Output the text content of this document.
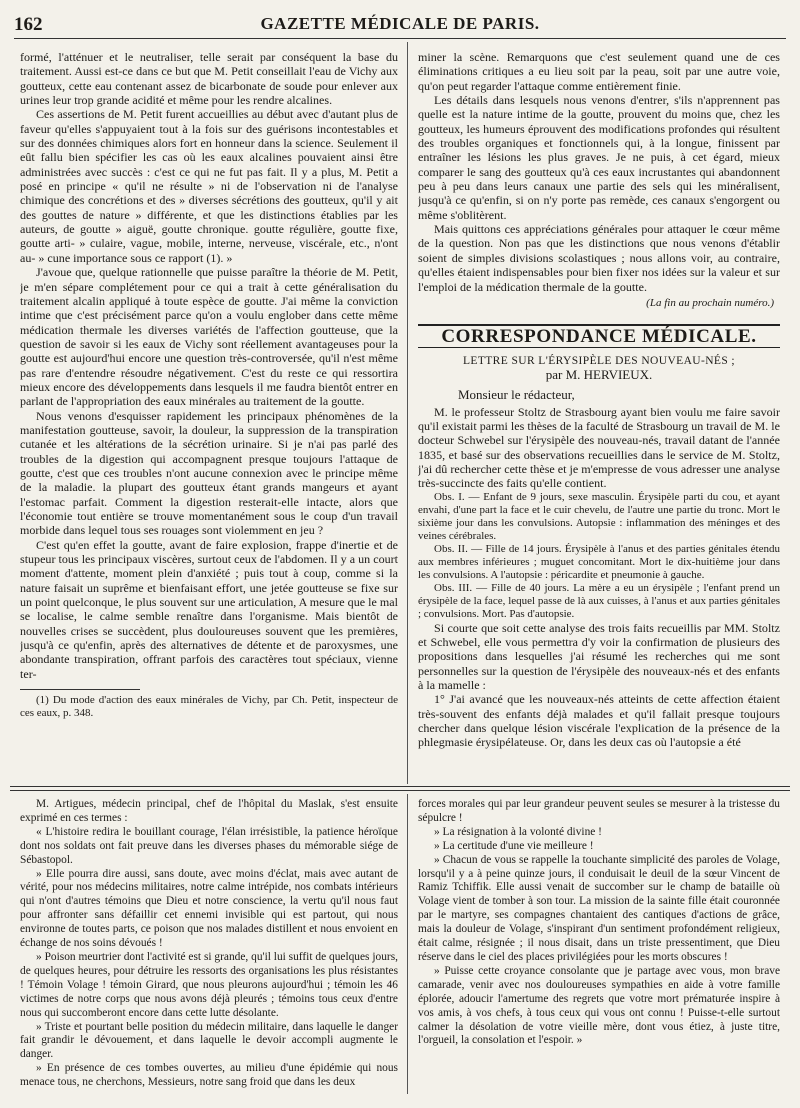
162	GAZETTE MÉDICALE DE PARIS.

formé, l'atténuer et le neutraliser, telle serait par conséquent la base du traitement. Aussi est-ce dans ce but que M. Petit conseillait l'eau de Vichy aux goutteux, cette eau contenant assez de bicarbonate de soude pour enlever aux urines leur trop grande acidité et même pour les rendre alcalines.

Ces assertions de M. Petit furent accueillies au début avec d'autant plus de faveur qu'elles s'appuyaient tout à la fois sur des guérisons incontestables et sur des données chimiques alors fort en honneur dans la science. Seulement il eût fallu bien spécifier les cas où les eaux alcalines pouvaient ainsi être administrées avec succès : c'est ce qui ne fut pas fait. Il y a plus, M. Petit a posé en principe « qu'il ne résulte » ni de l'observation ni de l'analyse chimique des concrétions et des » diverses sécrétions des goutteux, qu'il y ait des gouttes de nature » différente, et que les distinctions établies par les auteurs, de goutte » aiguë, goutte chronique. goutte régulière, goutte fixe, goutte arti- » culaire, vague, mobile, interne, nerveuse, viscérale, etc., n'ont au- » cune importance sous ce rapport (1). »

J'avoue que, quelque rationnelle que puisse paraître la théorie de M. Petit, je m'en sépare complétement pour ce qui a trait à cette généralisation du traitement alcalin appliqué à toute espèce de goutte. J'ai même la conviction intime que c'est précisément parce qu'on a voulu englober dans cette même médication thermale les diverses variétés de l'affection goutteuse, que la question de savoir si les eaux de Vichy sont réellement avantageuses pour la goutte est aujourd'hui encore une question très-controversée, qu'il n'est même pas rare d'entendre résoudre négativement. C'est du reste ce qui ressortira mieux encore des développements dans lesquels il me faudra bientôt entrer en parlant de l'appropriation des eaux minérales au traitement de la goutte.

Nous venons d'esquisser rapidement les principaux phénomènes de la manifestation goutteuse, savoir, la douleur, la suppression de la transpiration cutanée et les altérations de la sécrétion urinaire. Si je n'ai pas parlé des troubles de la digestion qui accompagnent presque toujours l'attaque de goutte, c'est que ces troubles n'ont aucune connexion avec le principe même de la maladie. la plupart des goutteux étant grands mangeurs et ayant l'estomac parfait. Comment la digestion resterait-elle intacte, alors que l'économie tout entière se trouve momentanément sous le coup d'un travail morbide dans lequel tous ses rouages sont violemment en jeu ?

C'est qu'en effet la goutte, avant de faire explosion, frappe d'inertie et de stupeur tous les principaux viscères, surtout ceux de l'abdomen. Il y a un court moment d'attente, moment plein d'anxiété ; puis tout à coup, comme si la nature faisait un suprême et bienfaisant effort, une jetée goutteuse se fixe sur un point quelconque, le plus souvent sur une articulation, A mesure que le mal se localise, le calme semble renaître dans l'organisme. Mais bientôt de nouvelles crises se succèdent, plus douloureuses souvent que les premières, jusqu'à ce qu'enfin, après des alternatives de détente et de paroxysmes, une abondante transpiration, offrant parfois des caractères tout spéciaux, vienne ter-

(1) Du mode d'action des eaux minérales de Vichy, par Ch. Petit, inspecteur de ces eaux, p. 348.

miner la scène. Remarquons que c'est seulement quand une de ces éliminations critiques a eu lieu soit par la peau, soit par une autre voie, qu'on peut regarder l'attaque comme entièrement finie.

Les détails dans lesquels nous venons d'entrer, s'ils n'apprennent pas quelle est la nature intime de la goutte, prouvent du moins que, chez les goutteux, les humeurs éprouvent des modifications profondes qui résultent des troubles organiques et fonctionnels qui, à la longue, finissent par entraîner les lésions les plus graves. Je ne puis, à cet égard, mieux comparer le sang des goutteux qu'à ces eaux incrustantes qui abandonnent peu à peu dans leurs canaux une partie des sels qui les minéralisent, jusqu'à ce qu'enfin, si on n'y porte pas remède, ces canaux s'engorgent ou même s'oblitèrent.

Mais quittons ces appréciations générales pour attaquer le cœur même de la question. Non pas que les distinctions que nous venons d'établir soient de simples divisions scolastiques ; nous allons voir, au contraire, qu'elles étaient indispensables pour bien fixer nos idées sur la valeur et sur l'emploi de la médication thermale de la goutte.

(La fin au prochain numéro.)
CORRESPONDANCE MÉDICALE.
LETTRE SUR L'ÉRYSIPÈLE DES NOUVEAU-NÉS ;
par M. HERVIEUX.
Monsieur le rédacteur,

M. le professeur Stoltz de Strasbourg ayant bien voulu me faire savoir qu'il existait parmi les thèses de la faculté de Strasbourg un travail de M. le docteur Schwebel sur l'érysipèle des nouveau-nés, travail datant de l'année 1835, et basé sur des observations recueillies dans le service de M. Stoltz, j'ai dû rechercher cette thèse et je m'empresse de vous adresser une analyse très-succincte des faits qu'elle contient.

Obs. I. — Enfant de 9 jours, sexe masculin. Érysipèle parti du cou, et ayant envahi, d'une part la face et le cuir chevelu, de l'autre une partie du tronc. Mort le sixième jour dans les convulsions. Autopsie : inflammation des méninges et des veines cérébrales.

Obs. II. — Fille de 14 jours. Érysipèle à l'anus et des parties génitales étendu aux membres inférieures ; muguet concomitant. Mort le dix-huitième jour dans les convulsions. A l'autopsie : péricardite et pneumonie à gauche.

Obs. III. — Fille de 40 jours. La mère a eu un érysipèle ; l'enfant prend un érysipèle de la face, lequel passe de là aux cuisses, à l'anus et aux parties génitales ; convulsions. Mort. Pas d'autopsie.

Si courte que soit cette analyse des trois faits recueillis par MM. Stoltz et Schwebel, elle vous permettra d'y voir la confirmation de plusieurs des propositions dans lesquelles j'ai résumé les recherches qui me sont personnelles sur la question de l'érysipèle des nouveaux-nés et des enfants à la mamelle :

1° J'ai avancé que les nouveaux-nés atteints de cette affection étaient très-souvent des enfants déjà malades et qu'il fallait presque toujours chercher dans quelque lésion viscérale l'explication de la présence de la phlegmasie érysipélateuse. Or, dans les deux cas où l'autopsie a été

M. Artigues, médecin principal, chef de l'hôpital du Maslak, s'est ensuite exprimé en ces termes :

« L'histoire redira le bouillant courage, l'élan irrésistible, la patience héroïque dont nos soldats ont fait preuve dans les diverses phases du mémorable siége de Sébastopol.

» Elle pourra dire aussi, sans doute, avec moins d'éclat, mais avec autant de vérité, pour nos médecins militaires, notre calme intrépide, nos combats intérieurs qui n'ont d'autres témoins que Dieu et notre conscience, la vertu qu'il nous faut pour affronter sans défaillir cet ennemi invisible qui est partout, qui nous environne de toutes parts, ce poison que nos malades distillent et nous envoient en échange de nos soins dévoués !

» Poison meurtrier dont l'activité est si grande, qu'il lui suffit de quelques jours, de quelques heures, pour détruire les ressorts des organisations les plus résistantes ! Témoin Volage ! témoin Girard, que nous pleurons aujourd'hui ; témoin les 46 victimes de notre corps que nous avons déjà pleurés ; témoins tous ceux d'entre nous qui succomberont encore dans cette lutte désolante.

» Triste et pourtant belle position du médecin militaire, dans laquelle le danger fait grandir le dévouement, et dans laquelle le devoir accompli augmente le danger.

» En présence de ces tombes ouvertes, au milieu d'une épidémie qui nous menace tous, ne cherchons, Messieurs, notre sang froid que dans les deux

forces morales qui par leur grandeur peuvent seules se mesurer à la tristesse du sépulcre !

» La résignation à la volonté divine !

» La certitude d'une vie meilleure !

» Chacun de vous se rappelle la touchante simplicité des paroles de Volage, lorsqu'il y a à peine quinze jours, il conduisait le deuil de la sœur Vincent de Ramiz Tchiffik. Elle aussi venait de succomber sur le champ de bataille où Volage vient de tomber à son tour. La mission de la sainte fille était couronnée par le martyre, ses compagnes chantaient des cantiques d'actions de grâce, mais la douleur de Volage, s'inspirant d'un sentiment profondément religieux, était calme, résignée ; il nous disait, dans un triste pressentiment, que Dieu réserve dans le ciel des places privilégiées pour les morts obscures !

» Puisse cette croyance consolante que je partage avec vous, mon brave camarade, venir avec nos douloureuses sympathies en aide à votre famille éplorée, adoucir l'amertume des regrets que votre mort prématurée inspire à vos amis, à vos chefs, à tous ceux qui vous ont connu ! Puisse-t-elle surtout calmer la désolation de votre vieille mère, dont vous étiez, à juste titre, l'orgueil, la consolation et l'espoir. »
